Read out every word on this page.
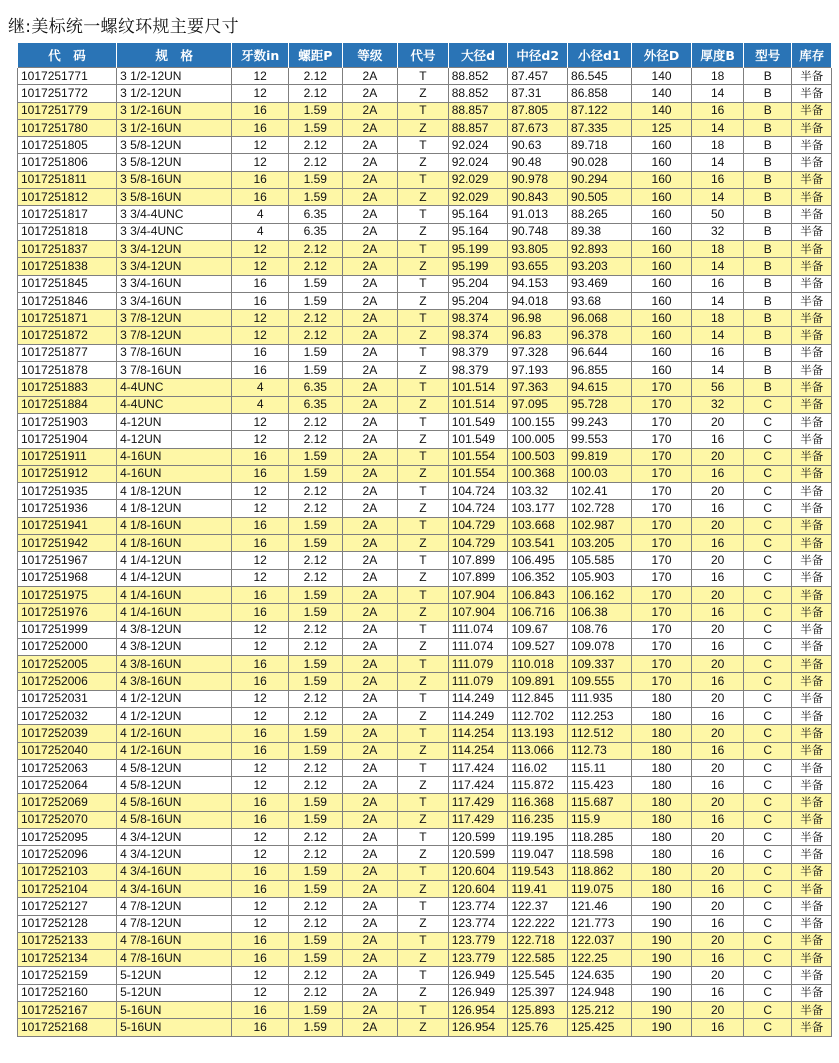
继:美标统一螺纹环规主要尺寸
代　码	规　格	牙数in	螺距P	等级	代号	大径d	中径d2	小径d1	外径D	厚度B	型号	库存
1017251771	3 1/2-12UN	12	2.12	2A	T	88.852	87.457	86.545	140	18	B	半备
1017251772	3 1/2-12UN	12	2.12	2A	Z	88.852	87.31	86.858	140	14	B	半备
1017251779	3 1/2-16UN	16	1.59	2A	T	88.857	87.805	87.122	140	16	B	半备
1017251780	3 1/2-16UN	16	1.59	2A	Z	88.857	87.673	87.335	125	14	B	半备
1017251805	3 5/8-12UN	12	2.12	2A	T	92.024	90.63	89.718	160	18	B	半备
1017251806	3 5/8-12UN	12	2.12	2A	Z	92.024	90.48	90.028	160	14	B	半备
1017251811	3 5/8-16UN	16	1.59	2A	T	92.029	90.978	90.294	160	16	B	半备
1017251812	3 5/8-16UN	16	1.59	2A	Z	92.029	90.843	90.505	160	14	B	半备
1017251817	3 3/4-4UNC	4	6.35	2A	T	95.164	91.013	88.265	160	50	B	半备
1017251818	3 3/4-4UNC	4	6.35	2A	Z	95.164	90.748	89.38	160	32	B	半备
1017251837	3 3/4-12UN	12	2.12	2A	T	95.199	93.805	92.893	160	18	B	半备
1017251838	3 3/4-12UN	12	2.12	2A	Z	95.199	93.655	93.203	160	14	B	半备
1017251845	3 3/4-16UN	16	1.59	2A	T	95.204	94.153	93.469	160	16	B	半备
1017251846	3 3/4-16UN	16	1.59	2A	Z	95.204	94.018	93.68	160	14	B	半备
1017251871	3 7/8-12UN	12	2.12	2A	T	98.374	96.98	96.068	160	18	B	半备
1017251872	3 7/8-12UN	12	2.12	2A	Z	98.374	96.83	96.378	160	14	B	半备
1017251877	3 7/8-16UN	16	1.59	2A	T	98.379	97.328	96.644	160	16	B	半备
1017251878	3 7/8-16UN	16	1.59	2A	Z	98.379	97.193	96.855	160	14	B	半备
1017251883	4-4UNC	4	6.35	2A	T	101.514	97.363	94.615	170	56	B	半备
1017251884	4-4UNC	4	6.35	2A	Z	101.514	97.095	95.728	170	32	C	半备
1017251903	4-12UN	12	2.12	2A	T	101.549	100.155	99.243	170	20	C	半备
1017251904	4-12UN	12	2.12	2A	Z	101.549	100.005	99.553	170	16	C	半备
1017251911	4-16UN	16	1.59	2A	T	101.554	100.503	99.819	170	20	C	半备
1017251912	4-16UN	16	1.59	2A	Z	101.554	100.368	100.03	170	16	C	半备
1017251935	4 1/8-12UN	12	2.12	2A	T	104.724	103.32	102.41	170	20	C	半备
1017251936	4 1/8-12UN	12	2.12	2A	Z	104.724	103.177	102.728	170	16	C	半备
1017251941	4 1/8-16UN	16	1.59	2A	T	104.729	103.668	102.987	170	20	C	半备
1017251942	4 1/8-16UN	16	1.59	2A	Z	104.729	103.541	103.205	170	16	C	半备
1017251967	4 1/4-12UN	12	2.12	2A	T	107.899	106.495	105.585	170	20	C	半备
1017251968	4 1/4-12UN	12	2.12	2A	Z	107.899	106.352	105.903	170	16	C	半备
1017251975	4 1/4-16UN	16	1.59	2A	T	107.904	106.843	106.162	170	20	C	半备
1017251976	4 1/4-16UN	16	1.59	2A	Z	107.904	106.716	106.38	170	16	C	半备
1017251999	4 3/8-12UN	12	2.12	2A	T	111.074	109.67	108.76	170	20	C	半备
1017252000	4 3/8-12UN	12	2.12	2A	Z	111.074	109.527	109.078	170	16	C	半备
1017252005	4 3/8-16UN	16	1.59	2A	T	111.079	110.018	109.337	170	20	C	半备
1017252006	4 3/8-16UN	16	1.59	2A	Z	111.079	109.891	109.555	170	16	C	半备
1017252031	4 1/2-12UN	12	2.12	2A	T	114.249	112.845	111.935	180	20	C	半备
1017252032	4 1/2-12UN	12	2.12	2A	Z	114.249	112.702	112.253	180	16	C	半备
1017252039	4 1/2-16UN	16	1.59	2A	T	114.254	113.193	112.512	180	20	C	半备
1017252040	4 1/2-16UN	16	1.59	2A	Z	114.254	113.066	112.73	180	16	C	半备
1017252063	4 5/8-12UN	12	2.12	2A	T	117.424	116.02	115.11	180	20	C	半备
1017252064	4 5/8-12UN	12	2.12	2A	Z	117.424	115.872	115.423	180	16	C	半备
1017252069	4 5/8-16UN	16	1.59	2A	T	117.429	116.368	115.687	180	20	C	半备
1017252070	4 5/8-16UN	16	1.59	2A	Z	117.429	116.235	115.9	180	16	C	半备
1017252095	4 3/4-12UN	12	2.12	2A	T	120.599	119.195	118.285	180	20	C	半备
1017252096	4 3/4-12UN	12	2.12	2A	Z	120.599	119.047	118.598	180	16	C	半备
1017252103	4 3/4-16UN	16	1.59	2A	T	120.604	119.543	118.862	180	20	C	半备
1017252104	4 3/4-16UN	16	1.59	2A	Z	120.604	119.41	119.075	180	16	C	半备
1017252127	4 7/8-12UN	12	2.12	2A	T	123.774	122.37	121.46	190	20	C	半备
1017252128	4 7/8-12UN	12	2.12	2A	Z	123.774	122.222	121.773	190	16	C	半备
1017252133	4 7/8-16UN	16	1.59	2A	T	123.779	122.718	122.037	190	20	C	半备
1017252134	4 7/8-16UN	16	1.59	2A	Z	123.779	122.585	122.25	190	16	C	半备
1017252159	5-12UN	12	2.12	2A	T	126.949	125.545	124.635	190	20	C	半备
1017252160	5-12UN	12	2.12	2A	Z	126.949	125.397	124.948	190	16	C	半备
1017252167	5-16UN	16	1.59	2A	T	126.954	125.893	125.212	190	20	C	半备
1017252168	5-16UN	16	1.59	2A	Z	126.954	125.76	125.425	190	16	C	半备
